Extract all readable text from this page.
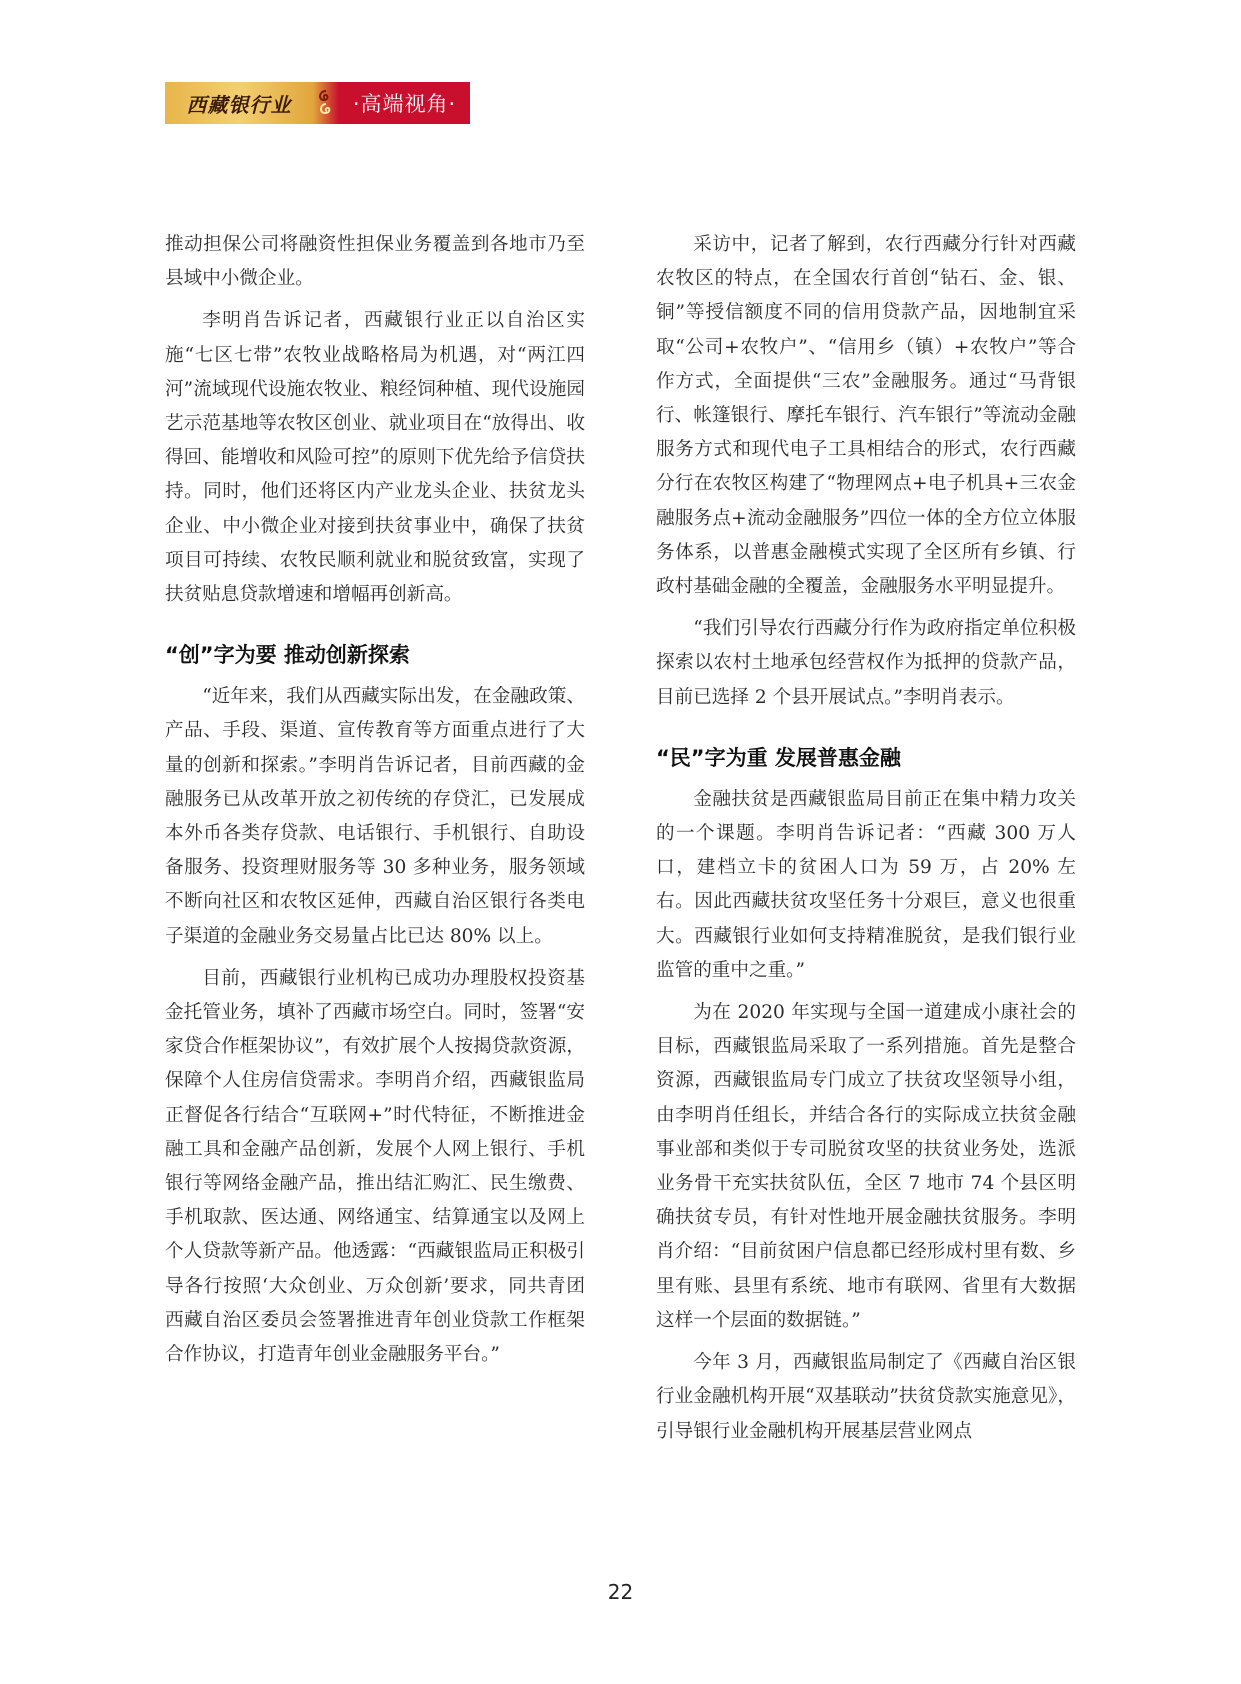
西藏银行业	·高端视角·

推动担保公司将融资性担保业务覆盖到各地市乃至县域中小微企业。

李明肖告诉记者，西藏银行业正以自治区实施“七区七带”农牧业战略格局为机遇，对“两江四河”流域现代设施农牧业、粮经饲种植、现代设施园艺示范基地等农牧区创业、就业项目在“放得出、收得回、能增收和风险可控”的原则下优先给予信贷扶持。同时，他们还将区内产业龙头企业、扶贫龙头企业、中小微企业对接到扶贫事业中，确保了扶贫项目可持续、农牧民顺利就业和脱贫致富，实现了扶贫贴息贷款增速和增幅再创新高。

“创”字为要 推动创新探索

“近年来，我们从西藏实际出发，在金融政策、产品、手段、渠道、宣传教育等方面重点进行了大量的创新和探索。”李明肖告诉记者，目前西藏的金融服务已从改革开放之初传统的存贷汇，已发展成本外币各类存贷款、电话银行、手机银行、自助设备服务、投资理财服务等 30 多种业务，服务领域不断向社区和农牧区延伸，西藏自治区银行各类电子渠道的金融业务交易量占比已达 80% 以上。

目前，西藏银行业机构已成功办理股权投资基金托管业务，填补了西藏市场空白。同时，签署“安家贷合作框架协议”，有效扩展个人按揭贷款资源，保障个人住房信贷需求。李明肖介绍，西藏银监局正督促各行结合“互联网+”时代特征，不断推进金融工具和金融产品创新，发展个人网上银行、手机银行等网络金融产品，推出结汇购汇、民生缴费、手机取款、医达通、网络通宝、结算通宝以及网上个人贷款等新产品。他透露：“西藏银监局正积极引导各行按照‘大众创业、万众创新’要求，同共青团西藏自治区委员会签署推进青年创业贷款工作框架合作协议，打造青年创业金融服务平台。”

采访中，记者了解到，农行西藏分行针对西藏农牧区的特点，在全国农行首创“钻石、金、银、铜”等授信额度不同的信用贷款产品，因地制宜采取“公司+农牧户”、“信用乡（镇）+农牧户”等合作方式，全面提供“三农”金融服务。通过“马背银行、帐篷银行、摩托车银行、汽车银行”等流动金融服务方式和现代电子工具相结合的形式，农行西藏分行在农牧区构建了“物理网点+电子机具+三农金融服务点+流动金融服务”四位一体的全方位立体服务体系，以普惠金融模式实现了全区所有乡镇、行政村基础金融的全覆盖，金融服务水平明显提升。

“我们引导农行西藏分行作为政府指定单位积极探索以农村土地承包经营权作为抵押的贷款产品，目前已选择 2 个县开展试点。”李明肖表示。

“民”字为重 发展普惠金融

金融扶贫是西藏银监局目前正在集中精力攻关的一个课题。李明肖告诉记者：“西藏 300 万人口，建档立卡的贫困人口为 59 万，占 20% 左右。因此西藏扶贫攻坚任务十分艰巨，意义也很重大。西藏银行业如何支持精准脱贫，是我们银行业监管的重中之重。”

为在 2020 年实现与全国一道建成小康社会的目标，西藏银监局采取了一系列措施。首先是整合资源，西藏银监局专门成立了扶贫攻坚领导小组，由李明肖任组长，并结合各行的实际成立扶贫金融事业部和类似于专司脱贫攻坚的扶贫业务处，选派业务骨干充实扶贫队伍，全区 7 地市 74 个县区明确扶贫专员，有针对性地开展金融扶贫服务。李明肖介绍：“目前贫困户信息都已经形成村里有数、乡里有账、县里有系统、地市有联网、省里有大数据这样一个层面的数据链。”

今年 3 月，西藏银监局制定了《西藏自治区银行业金融机构开展“双基联动”扶贫贷款实施意见》，引导银行业金融机构开展基层营业网点

22
